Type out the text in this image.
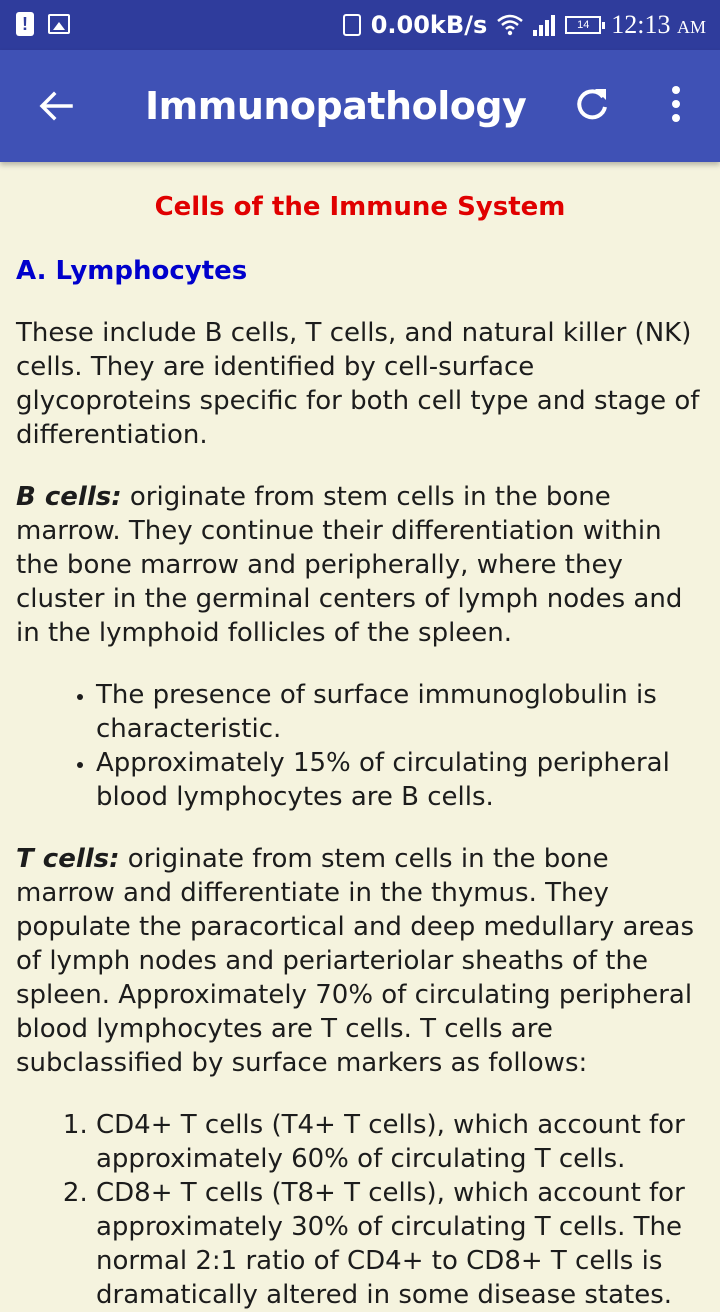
!	0.00kB/s	14 12:13 AM
Immunopathology
Cells of the Immune System
A. Lymphocytes

These include B cells, T cells, and natural killer (NK) cells. They are identified by cell-surface glycoproteins specific for both cell type and stage of differentiation.

B cells: originate from stem cells in the bone marrow. They continue their differentiation within the bone marrow and peripherally, where they cluster in the germinal centers of lymph nodes and in the lymphoid follicles of the spleen.

• The presence of surface immunoglobulin is characteristic.
• Approximately 15% of circulating peripheral blood lymphocytes are B cells.

T cells: originate from stem cells in the bone marrow and differentiate in the thymus. They populate the paracortical and deep medullary areas of lymph nodes and periarteriolar sheaths of the spleen. Approximately 70% of circulating peripheral blood lymphocytes are T cells. T cells are subclassified by surface markers as follows:

1. CD4+ T cells (T4+ T cells), which account for approximately 60% of circulating T cells.
2. CD8+ T cells (T8+ T cells), which account for approximately 30% of circulating T cells. The normal 2:1 ratio of CD4+ to CD8+ T cells is dramatically altered in some disease states.
